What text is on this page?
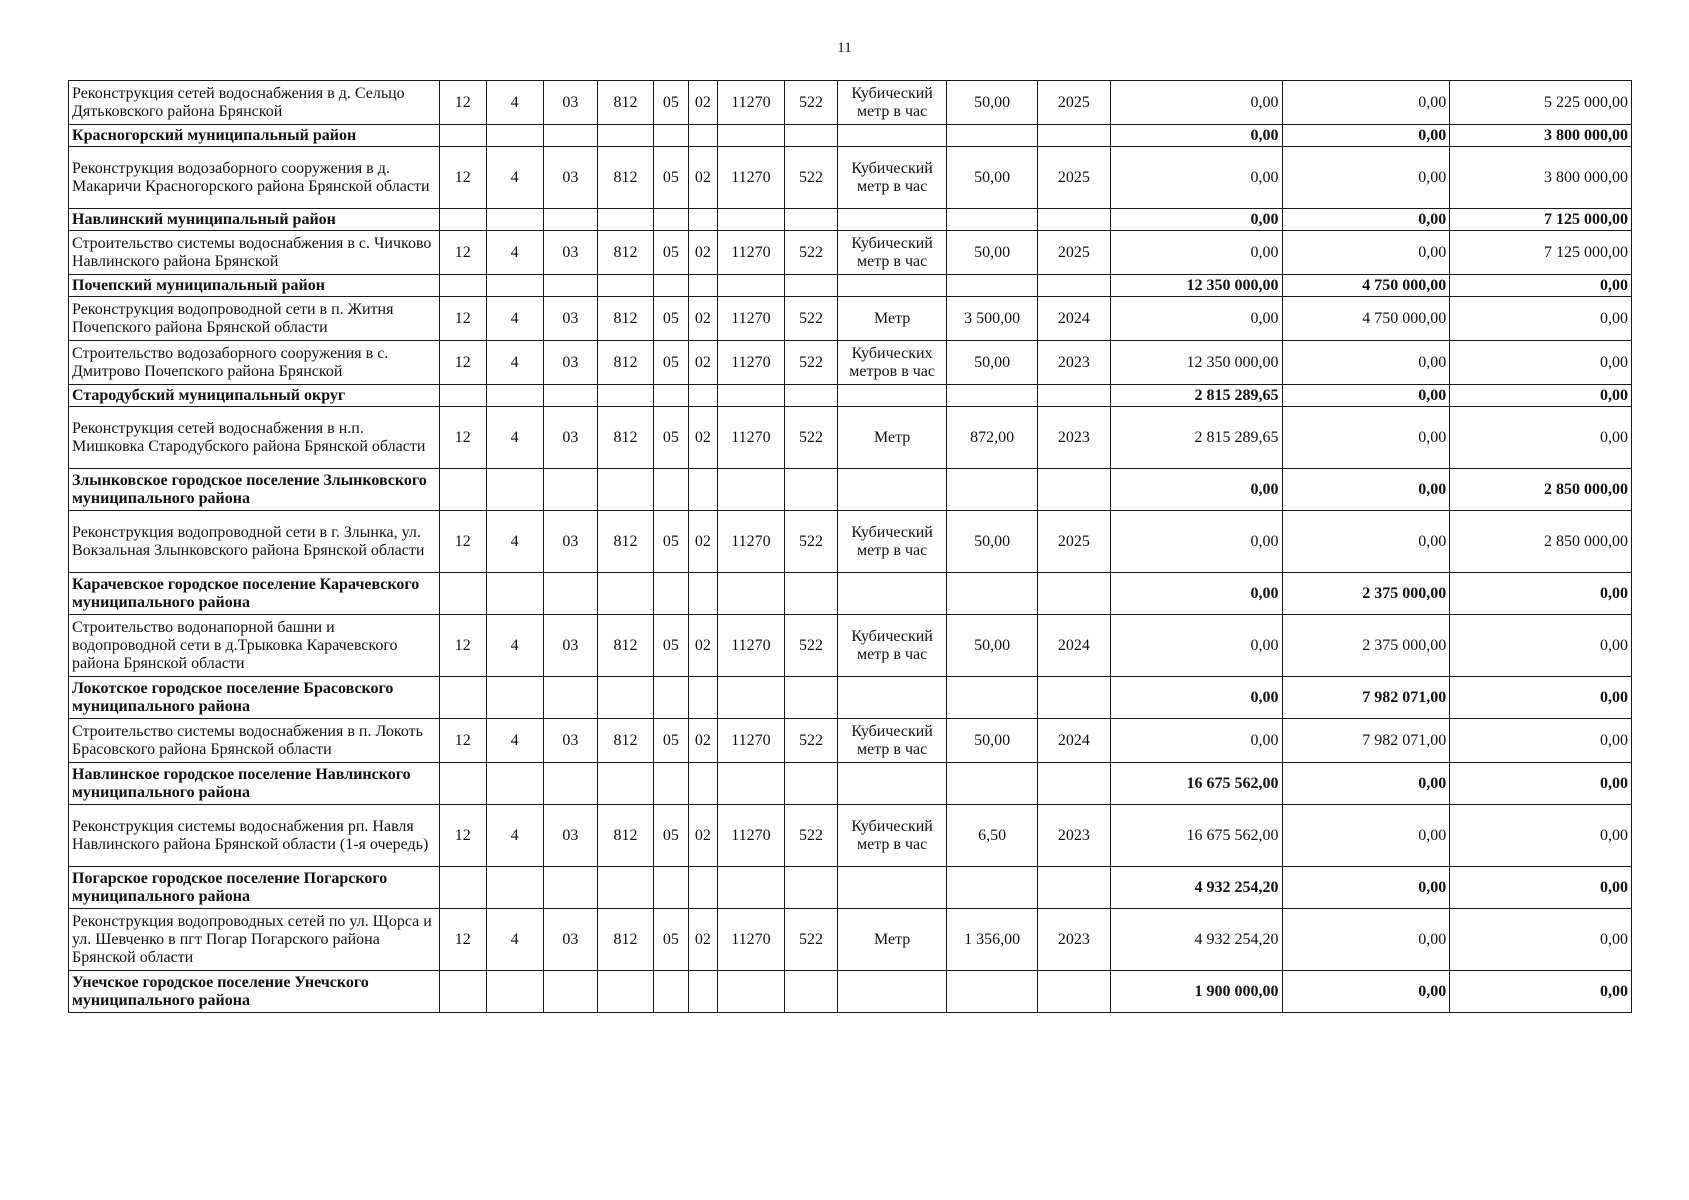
11
Реконструкция сетей водоснабжения в д. Сельцо Дятьковского района Брянской	12	4	03	812	05	02	11270	522	Кубический метр в час	50,00	2025	0,00	0,00	5 225 000,00
Красногорский муниципальный район												0,00	0,00	3 800 000,00
Реконструкция водозаборного сооружения в д. Макаричи Красногорского района Брянской области	12	4	03	812	05	02	11270	522	Кубический метр в час	50,00	2025	0,00	0,00	3 800 000,00
Навлинский муниципальный район												0,00	0,00	7 125 000,00
Строительство системы водоснабжения в с. Чичково Навлинского района Брянской	12	4	03	812	05	02	11270	522	Кубический метр в час	50,00	2025	0,00	0,00	7 125 000,00
Почепский муниципальный район												12 350 000,00	4 750 000,00	0,00
Реконструкция водопроводной сети в п. Житня Почепского района Брянской области	12	4	03	812	05	02	11270	522	Метр	3 500,00	2024	0,00	4 750 000,00	0,00
Строительство водозаборного сооружения в с. Дмитрово Почепского района Брянской	12	4	03	812	05	02	11270	522	Кубических метров в час	50,00	2023	12 350 000,00	0,00	0,00
Стародубский муниципальный округ												2 815 289,65	0,00	0,00
Реконструкция сетей водоснабжения в н.п. Мишковка Стародубского района Брянской области	12	4	03	812	05	02	11270	522	Метр	872,00	2023	2 815 289,65	0,00	0,00
Злынковское городское поселение Злынковского муниципального района												0,00	0,00	2 850 000,00
Реконструкция водопроводной сети в г. Злынка, ул. Вокзальная Злынковского района Брянской области	12	4	03	812	05	02	11270	522	Кубический метр в час	50,00	2025	0,00	0,00	2 850 000,00
Карачевское городское поселение Карачевского муниципального района												0,00	2 375 000,00	0,00
Строительство водонапорной башни и водопроводной сети в д.Трыковка Карачевского района Брянской области	12	4	03	812	05	02	11270	522	Кубический метр в час	50,00	2024	0,00	2 375 000,00	0,00
Локотское городское поселение Брасовского муниципального района												0,00	7 982 071,00	0,00
Строительство системы водоснабжения в п. Локоть Брасовского района Брянской области	12	4	03	812	05	02	11270	522	Кубический метр в час	50,00	2024	0,00	7 982 071,00	0,00
Навлинское городское поселение Навлинского муниципального района												16 675 562,00	0,00	0,00
Реконструкция системы водоснабжения рп. Навля Навлинского района Брянской области (1-я очередь)	12	4	03	812	05	02	11270	522	Кубический метр в час	6,50	2023	16 675 562,00	0,00	0,00
Погарское городское поселение Погарского муниципального района												4 932 254,20	0,00	0,00
Реконструкция водопроводных сетей по ул. Щорса и ул. Шевченко в пгт Погар Погарского района Брянской области	12	4	03	812	05	02	11270	522	Метр	1 356,00	2023	4 932 254,20	0,00	0,00
Унечское городское поселение Унечского муниципального района												1 900 000,00	0,00	0,00
